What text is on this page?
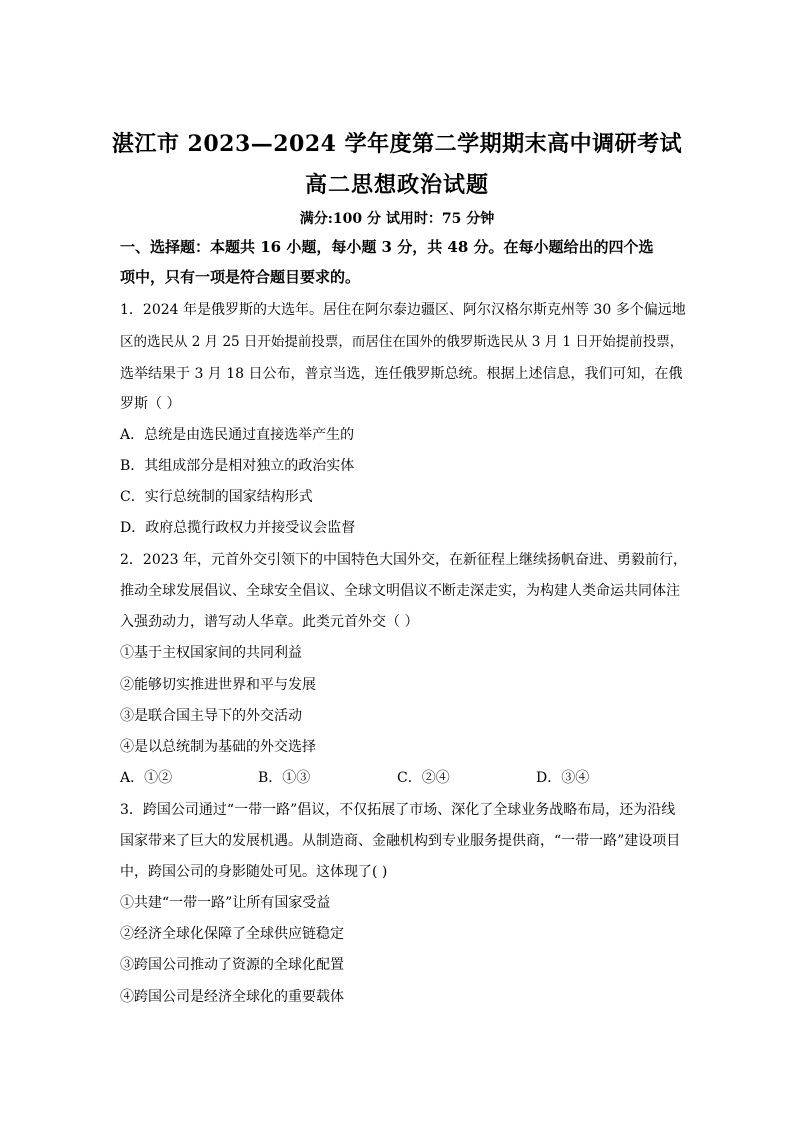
湛江市 2023—2024 学年度第二学期期末高中调研考试
高二思想政治试题
满分:100 分 试用时：75 分钟
一、选择题：本题共 16 小题，每小题 3 分，共 48 分。在每小题给出的四个选
项中，只有一项是符合题目要求的。
1．2024 年是俄罗斯的大选年。居住在阿尔泰边疆区、阿尔汉格尔斯克州等 30 多个偏远地
区的选民从 2 月 25 日开始提前投票，而居住在国外的俄罗斯选民从 3 月 1 日开始提前投票，
选举结果于 3 月 18 日公布，普京当选，连任俄罗斯总统。根据上述信息，我们可知，在俄
罗斯（ ）
A．总统是由选民通过直接选举产生的
B．其组成部分是相对独立的政治实体
C．实行总统制的国家结构形式
D．政府总揽行政权力并接受议会监督
2．2023 年，元首外交引领下的中国特色大国外交，在新征程上继续扬帆奋进、勇毅前行，
推动全球发展倡议、全球安全倡议、全球文明倡议不断走深走实，为构建人类命运共同体注
入强劲动力，谱写动人华章。此类元首外交（ ）
①基于主权国家间的共同利益
②能够切实推进世界和平与发展
③是联合国主导下的外交活动
④是以总统制为基础的外交选择
A．①②	B．①③	C．②④	D．③④
3．跨国公司通过“一带一路”倡议，不仅拓展了市场、深化了全球业务战略布局，还为沿线
国家带来了巨大的发展机遇。从制造商、金融机构到专业服务提供商，“一带一路”建设项目
中，跨国公司的身影随处可见。这体现了( )
①共建“一带一路”让所有国家受益
②经济全球化保障了全球供应链稳定
③跨国公司推动了资源的全球化配置
④跨国公司是经济全球化的重要载体
